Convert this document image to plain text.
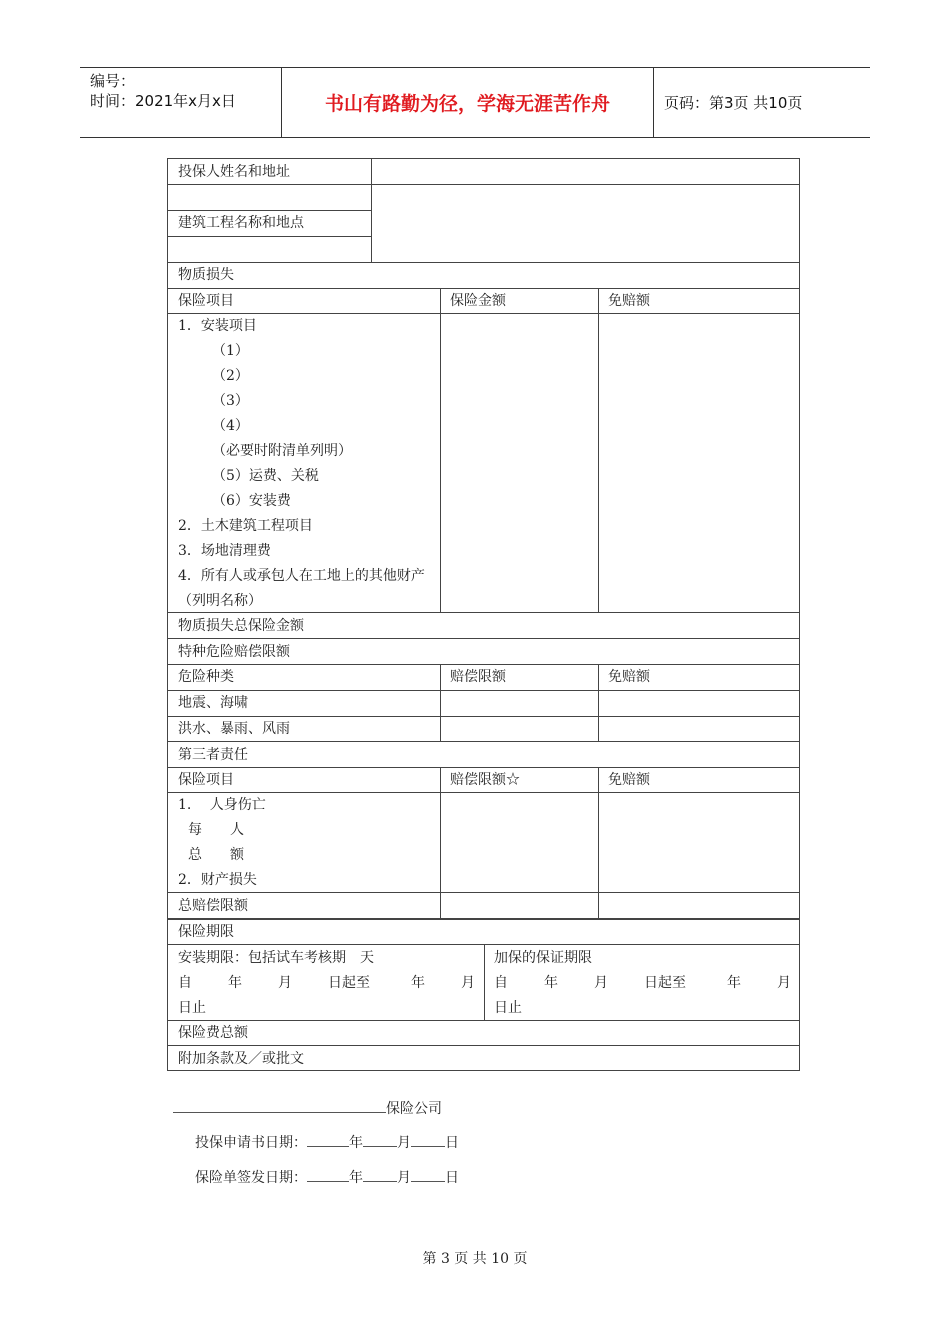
编号：
时间：2021年x月x日	书山有路勤为径，学海无涯苦作舟	页码：第3页 共10页
投保人姓名和地址
建筑工程名称和地点
物质损失
保险项目	保险金额	免赔额
1．安装项目
（1）
（2）
（3）
（4）
（必要时附清单列明）
（5）运费、关税
（6）安装费
2．土木建筑工程项目
3．场地清理费
4．所有人或承包人在工地上的其他财产
（列明名称）
物质损失总保险金额
特种危险赔偿限额
危险种类	赔偿限额	免赔额
地震、海啸
洪水、暴雨、风雨
第三者责任
保险项目	赔偿限额☆	免赔额
1.　 人身伤亡
每　　人
总　　额
2．财产损失
总赔偿限额
保险期限
安装期限：包括试车考核期　天
自	年	月	日起至	年	月
日止
加保的保证期限
自	年	月	日起至	年	月
日止
保险费总额
附加条款及／或批文
保险公司
投保申请书日期：	年 月 日
保险单签发日期：	年 月 日
第 3 页 共 10 页
